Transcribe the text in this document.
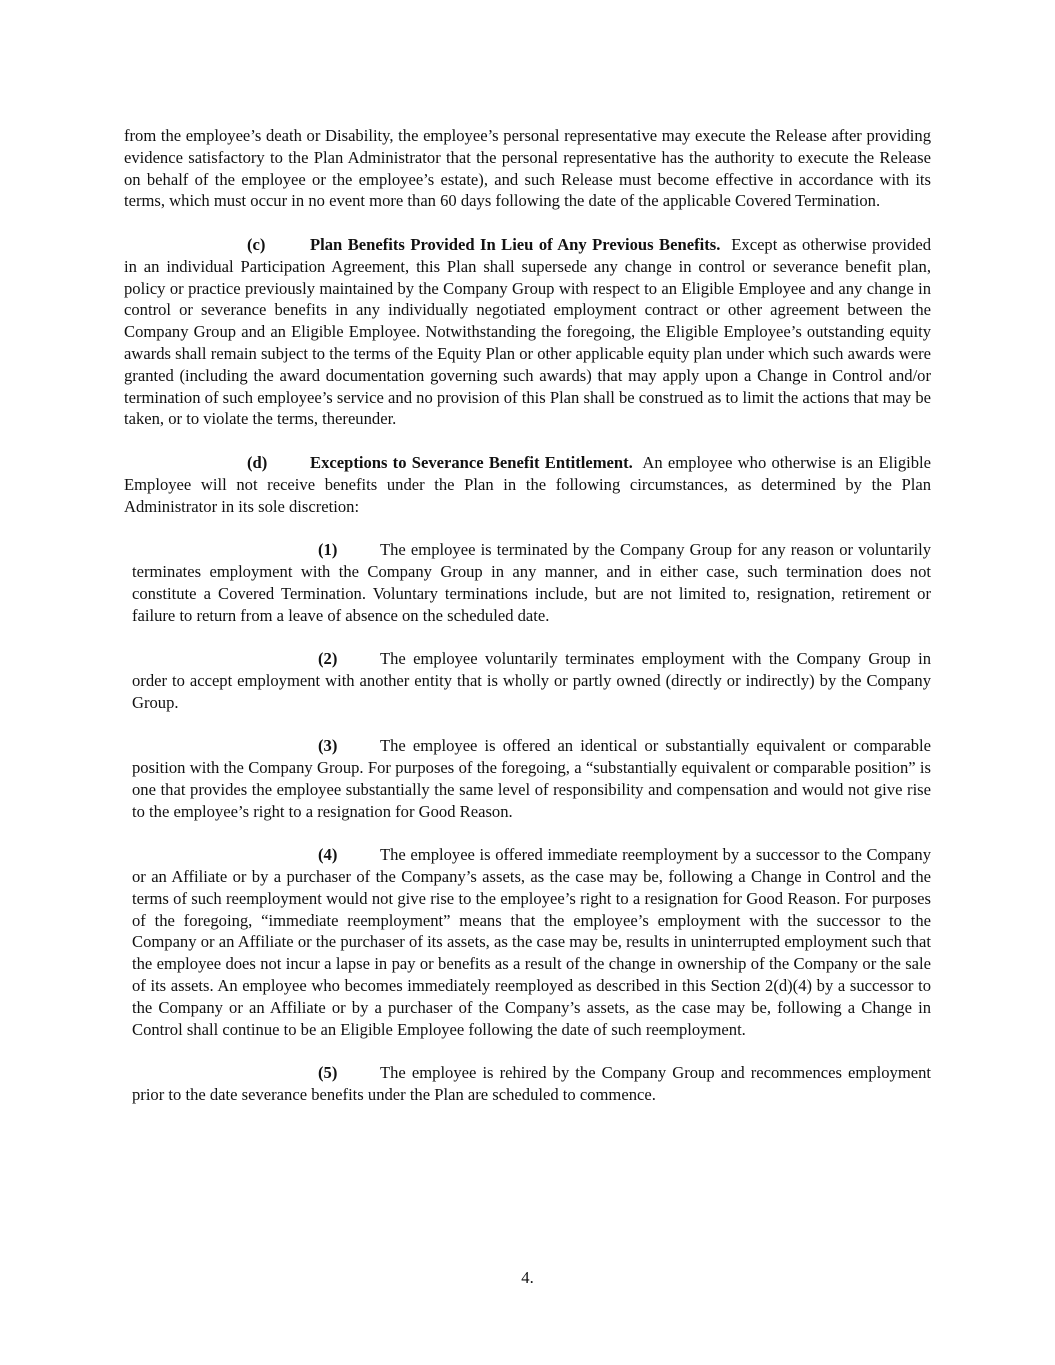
from the employee’s death or Disability, the employee’s personal representative may execute the Release after providing evidence satisfactory to the Plan Administrator that the personal representative has the authority to execute the Release on behalf of the employee or the employee’s estate), and such Release must become effective in accordance with its terms, which must occur in no event more than 60 days following the date of the applicable Covered Termination.

(c)	Plan Benefits Provided In Lieu of Any Previous Benefits. Except as otherwise provided in an individual Participation Agreement, this Plan shall supersede any change in control or severance benefit plan, policy or practice previously maintained by the Company Group with respect to an Eligible Employee and any change in control or severance benefits in any individually negotiated employment contract or other agreement between the Company Group and an Eligible Employee. Notwithstanding the foregoing, the Eligible Employee’s outstanding equity awards shall remain subject to the terms of the Equity Plan or other applicable equity plan under which such awards were granted (including the award documentation governing such awards) that may apply upon a Change in Control and/or termination of such employee’s service and no provision of this Plan shall be construed as to limit the actions that may be taken, or to violate the terms, thereunder.

(d)	Exceptions to Severance Benefit Entitlement. An employee who otherwise is an Eligible Employee will not receive benefits under the Plan in the following circumstances, as determined by the Plan Administrator in its sole discretion:

(1)	The employee is terminated by the Company Group for any reason or voluntarily terminates employment with the Company Group in any manner, and in either case, such termination does not constitute a Covered Termination. Voluntary terminations include, but are not limited to, resignation, retirement or failure to return from a leave of absence on the scheduled date.

(2)	The employee voluntarily terminates employment with the Company Group in order to accept employment with another entity that is wholly or partly owned (directly or indirectly) by the Company Group.

(3)	The employee is offered an identical or substantially equivalent or comparable position with the Company Group. For purposes of the foregoing, a “substantially equivalent or comparable position” is one that provides the employee substantially the same level of responsibility and compensation and would not give rise to the employee’s right to a resignation for Good Reason.

(4)	The employee is offered immediate reemployment by a successor to the Company or an Affiliate or by a purchaser of the Company’s assets, as the case may be, following a Change in Control and the terms of such reemployment would not give rise to the employee’s right to a resignation for Good Reason. For purposes of the foregoing, “immediate reemployment” means that the employee’s employment with the successor to the Company or an Affiliate or the purchaser of its assets, as the case may be, results in uninterrupted employment such that the employee does not incur a lapse in pay or benefits as a result of the change in ownership of the Company or the sale of its assets. An employee who becomes immediately reemployed as described in this Section 2(d)(4) by a successor to the Company or an Affiliate or by a purchaser of the Company’s assets, as the case may be, following a Change in Control shall continue to be an Eligible Employee following the date of such reemployment.

(5)	The employee is rehired by the Company Group and recommences employment prior to the date severance benefits under the Plan are scheduled to commence.

4.
